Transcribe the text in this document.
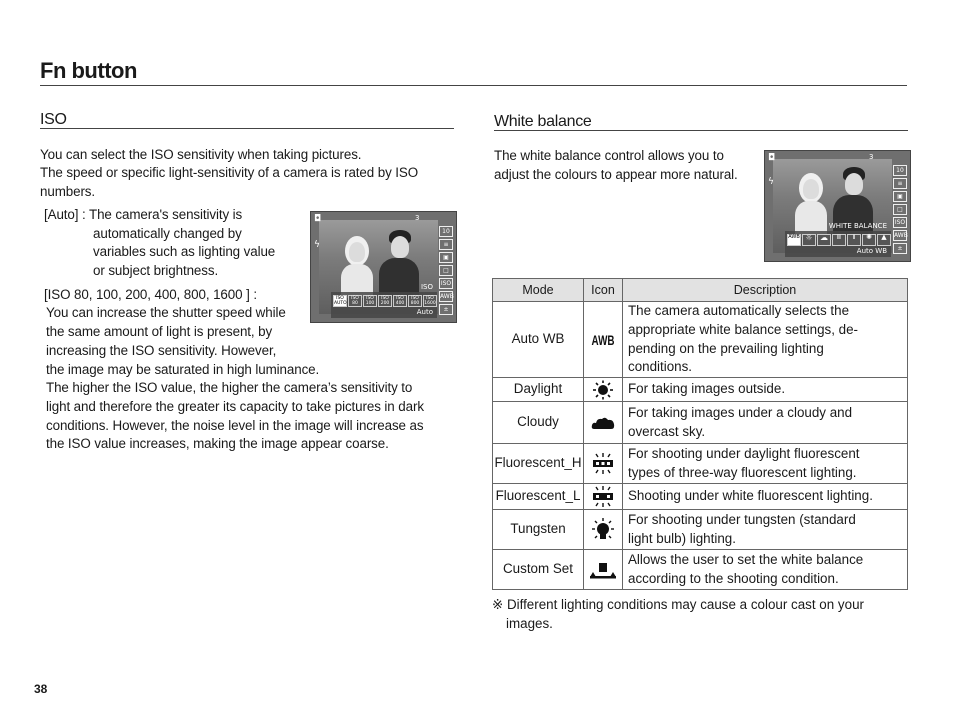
Fn button
ISO
You can select the ISO sensitivity when taking pictures.
The speed or specific light-sensitivity of a camera is rated by ISO
numbers.
[Auto] : The camera's sensitivity is
automatically changed by
variables such as lighting value
or subject brightness.
[ISO 80, 100, 200, 400, 800, 1600 ] :
You can increase the shutter speed while
the same amount of light is present, by
increasing the ISO sensitivity. However,
the image may be saturated in high luminance.
The higher the ISO value, the higher the camera’s sensitivity to
light and therefore the greater its capacity to take pictures in dark
conditions. However, the noise level in the image will increase as
the ISO value increases, making the image appear coarse.
◘
ϟ
3
10
≡
▣
□
ISO
AWB
±
ISO
ISO AUTO
ISO 80
ISO 100
ISO 200
ISO 400
ISO 800
ISO 1600
Auto
White balance
The white balance control allows you to
adjust the colours to appear more natural.
◘
ϟ
3
10
≡
▣
□
ISO
AWB
±
WHITE BALANCE
AWB ☼ ☁	Ⅲ	Ⅱ	✺	▲
Auto WB
Mode	Icon	Description
Auto WB	AWB	The camera automatically selects the
appropriate white balance settings, de-
pending on the prevailing lighting
conditions.

Daylight		For taking images outside.

Cloudy		For taking images under a cloudy and
overcast sky.

Fluorescent_H		For shooting under daylight fluorescent
types of three-way fluorescent lighting.

Fluorescent_L		Shooting under white fluorescent lighting.

Tungsten		For shooting under tungsten (standard
light bulb) lighting.

Custom Set		Allows the user to set the white balance
according to the shooting condition.
※ Different lighting conditions may cause a colour cast on your
images.
38
